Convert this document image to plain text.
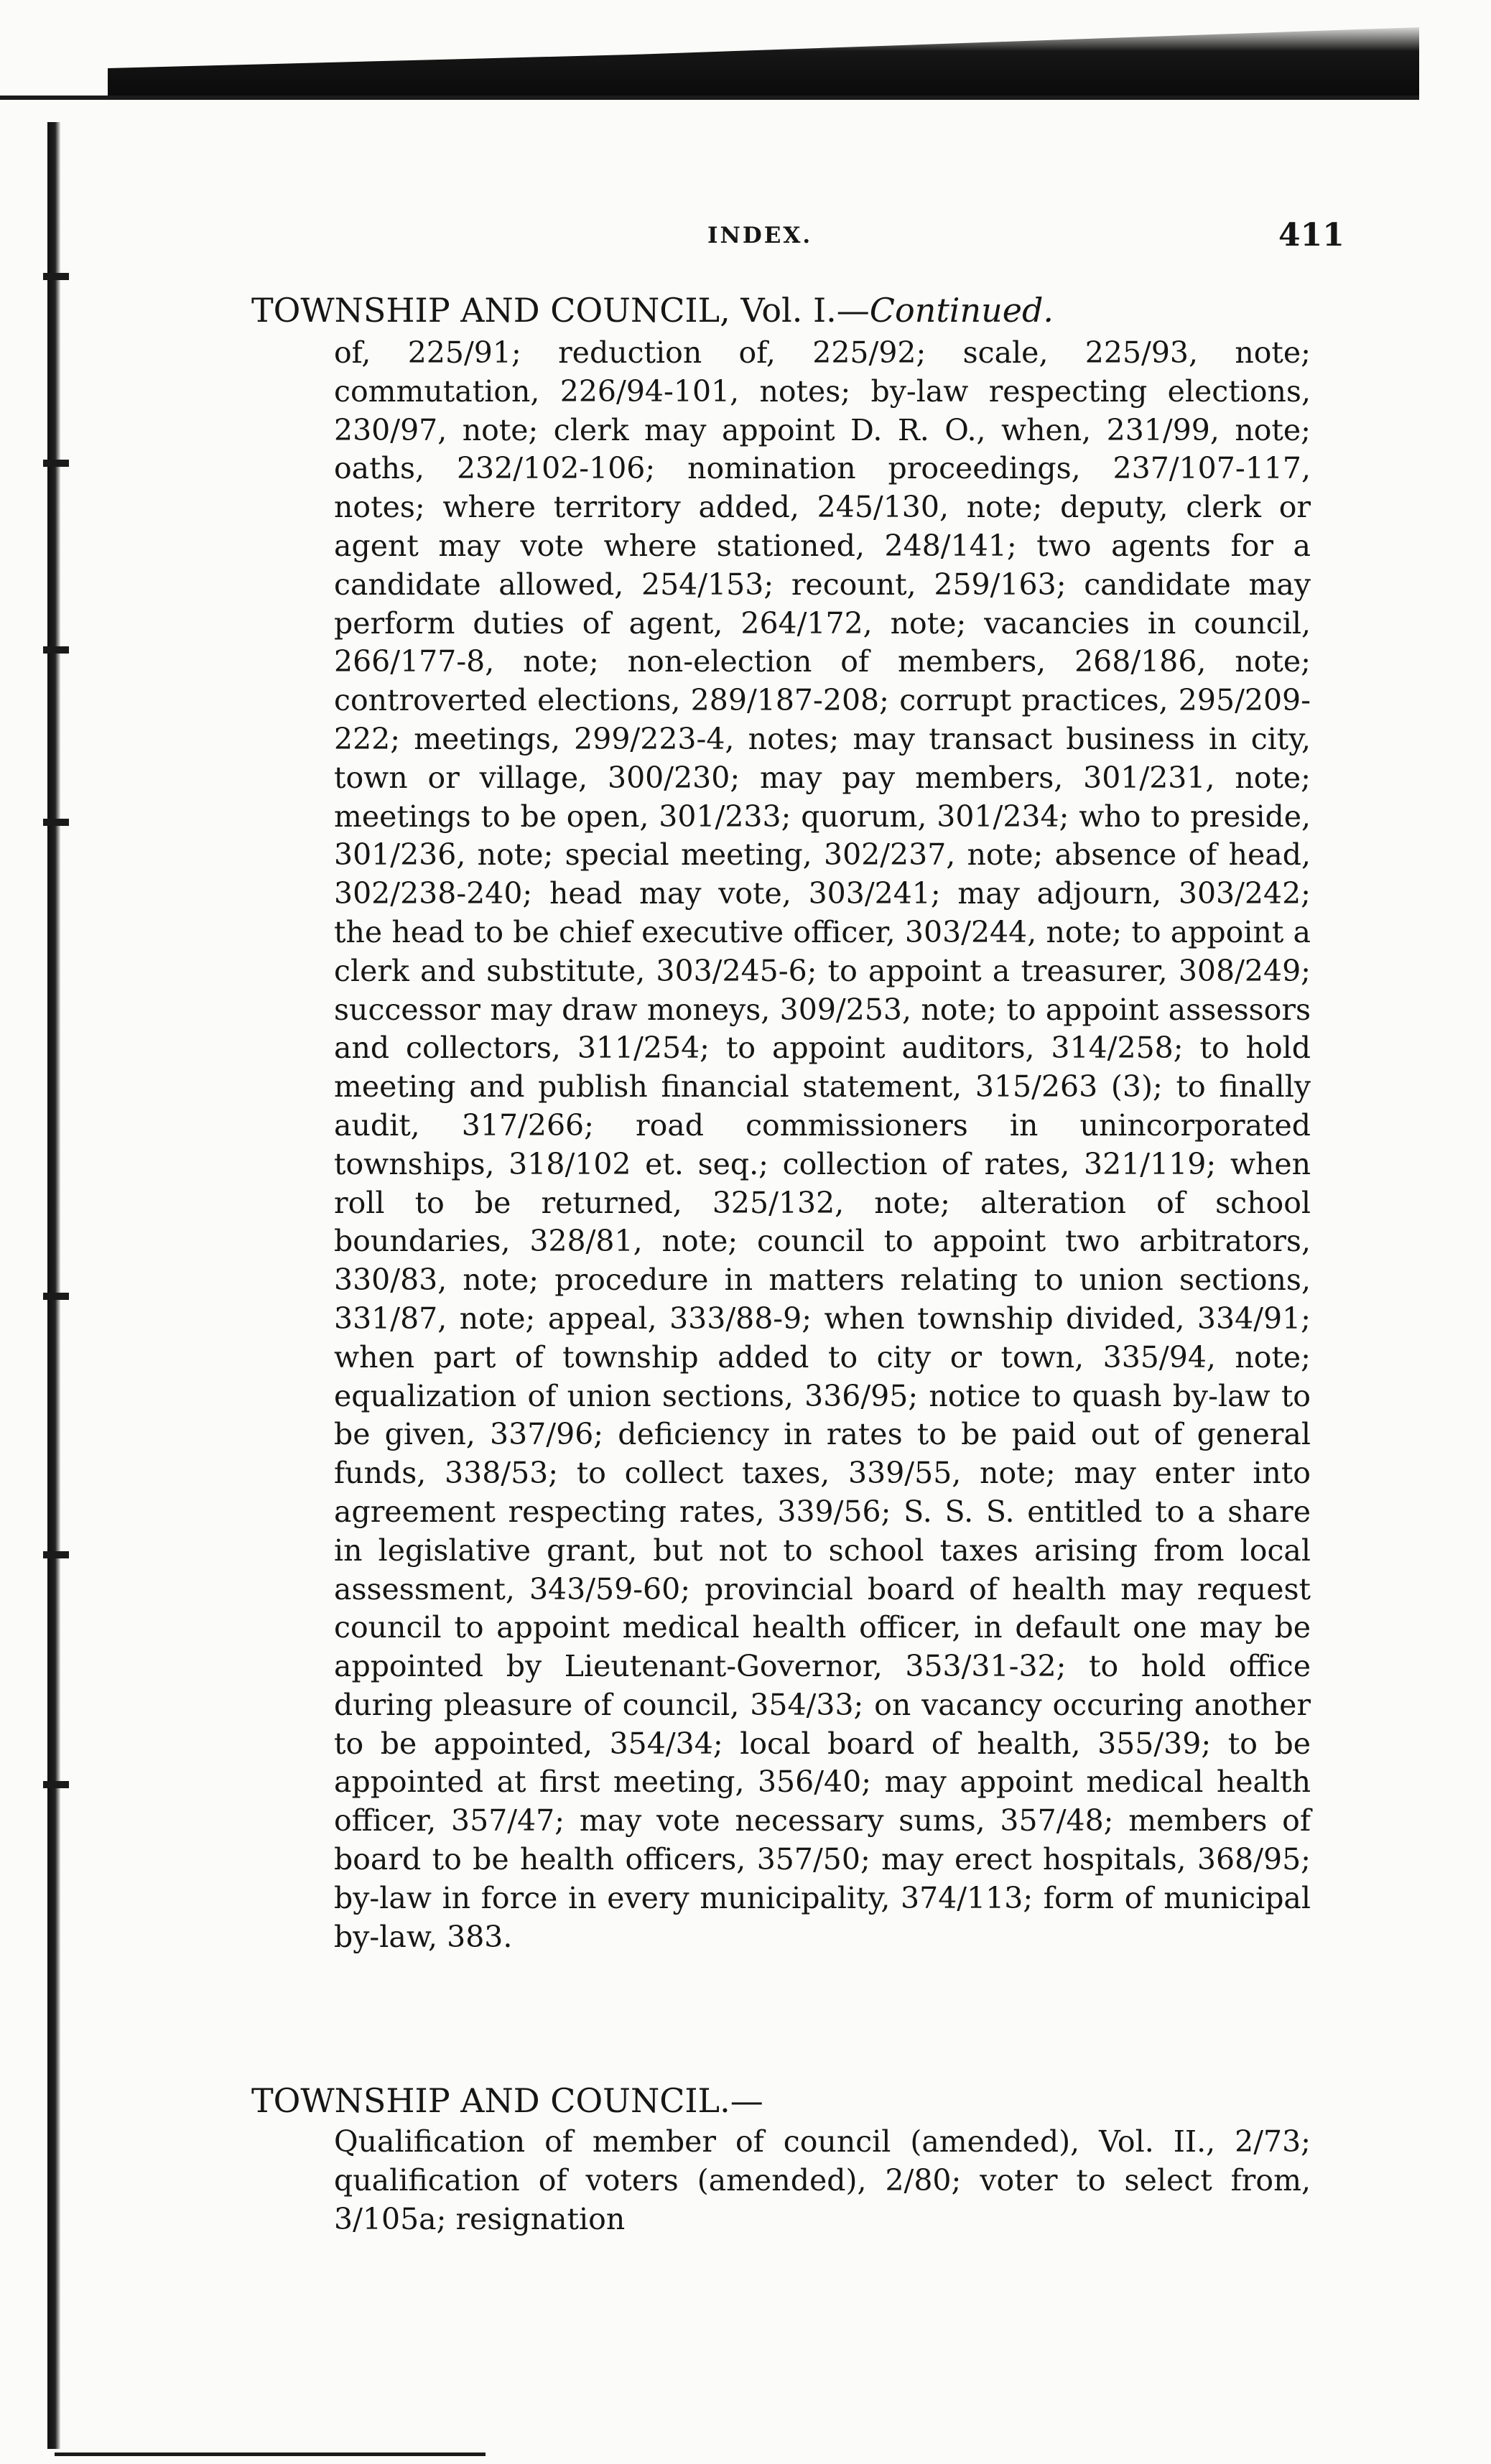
INDEX.	411
TOWNSHIP AND COUNCIL, Vol. I.—Continued.
of, 225/91; reduction of, 225/92; scale, 225/93, note; commutation, 226/94-101, notes; by-law respecting elections, 230/97, note; clerk may appoint D. R. O., when, 231/99, note; oaths, 232/102-106; nomination proceedings, 237/107-117, notes; where territory added, 245/130, note; deputy, clerk or agent may vote where stationed, 248/141; two agents for a candidate allowed, 254/153; recount, 259/163; candidate may perform duties of agent, 264/172, note; vacancies in council, 266/177-8, note; non-election of members, 268/186, note; controverted elections, 289/187-208; corrupt practices, 295/209-222; meetings, 299/223-4, notes; may transact business in city, town or village, 300/230; may pay members, 301/231, note; meetings to be open, 301/233; quorum, 301/234; who to preside, 301/236, note; special meeting, 302/237, note; absence of head, 302/238-240; head may vote, 303/241; may adjourn, 303/242; the head to be chief executive officer, 303/244, note; to appoint a clerk and substitute, 303/245-6; to appoint a treasurer, 308/249; successor may draw moneys, 309/253, note; to appoint assessors and collectors, 311/254; to appoint auditors, 314/258; to hold meeting and publish financial statement, 315/263 (3); to finally audit, 317/266; road commissioners in unincorporated townships, 318/102 et. seq.; collection of rates, 321/119; when roll to be returned, 325/132, note; alteration of school boundaries, 328/81, note; council to appoint two arbitrators, 330/83, note; procedure in matters relating to union sections, 331/87, note; appeal, 333/88-9; when township divided, 334/91; when part of township added to city or town, 335/94, note; equalization of union sections, 336/95; notice to quash by-law to be given, 337/96; deficiency in rates to be paid out of general funds, 338/53; to collect taxes, 339/55, note; may enter into agreement respecting rates, 339/56; S. S. S. entitled to a share in legislative grant, but not to school taxes arising from local assessment, 343/59-60; provincial board of health may request council to appoint medical health officer, in default one may be appointed by Lieutenant-Governor, 353/31-32; to hold office during pleasure of council, 354/33; on vacancy occuring another to be appointed, 354/34; local board of health, 355/39; to be appointed at first meeting, 356/40; may appoint medical health officer, 357/47; may vote necessary sums, 357/48; members of board to be health officers, 357/50; may erect hospitals, 368/95; by-law in force in every municipality, 374/113; form of municipal by-law, 383.
TOWNSHIP AND COUNCIL.—
Qualification of member of council (amended), Vol. II., 2/73; qualification of voters (amended), 2/80; voter to select from, 3/105a; resignation
